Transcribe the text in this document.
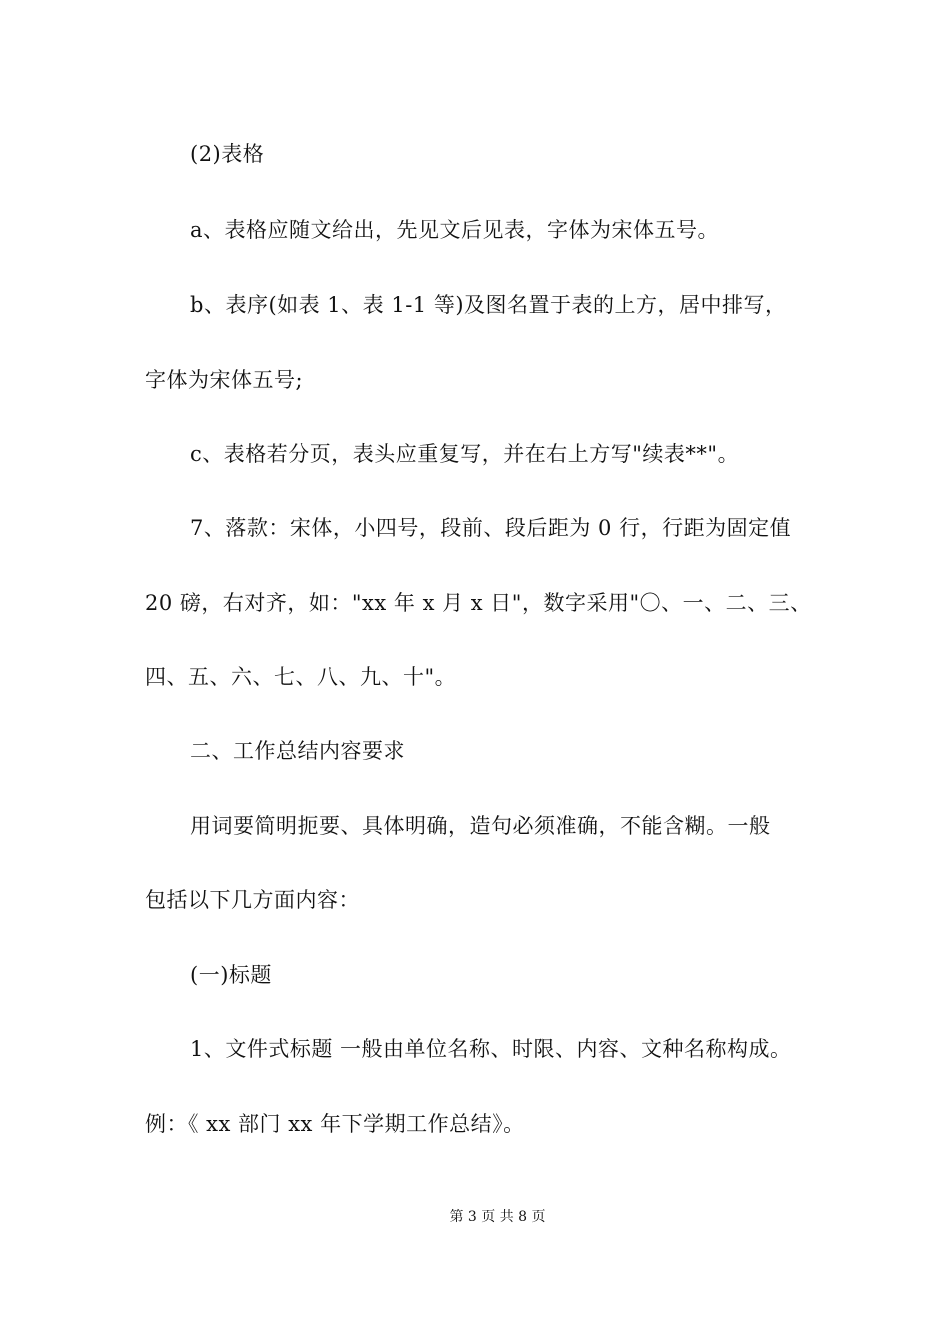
(2)表格
a、表格应随文给出，先见文后见表，字体为宋体五号。
b、表序(如表 1、表 1-1 等)及图名置于表的上方，居中排写，
字体为宋体五号;
c、表格若分页，表头应重复写，并在右上方写"续表**"。
7、落款：宋体，小四号，段前、段后距为 0 行，行距为固定值
20 磅，右对齐，如："xx 年 x 月 x 日"，数字采用"〇、一、二、三、
四、五、六、七、八、九、十"。
二、工作总结内容要求
用词要简明扼要、具体明确，造句必须准确，不能含糊。一般
包括以下几方面内容：
(一)标题
1、文件式标题 一般由单位名称、时限、内容、文种名称构成。
例：《 xx 部门 xx 年下学期工作总结》。
第 3 页 共 8 页
